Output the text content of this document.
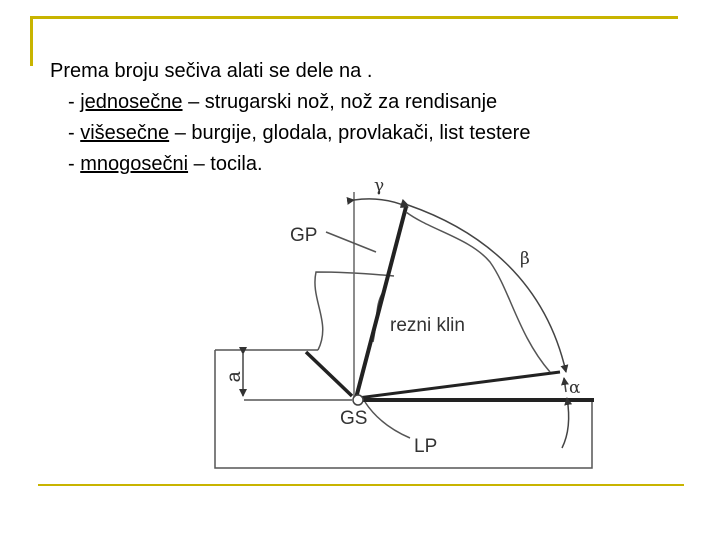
Prema broju sečiva alati se dele na .
- jednosečne – strugarski nož, nož za rendisanje
- višesečne – burgije, glodala, provlakači, list testere
- mnogosečni – tocila.
γ
β
α
GP
rezni klin
a
GS
LP
